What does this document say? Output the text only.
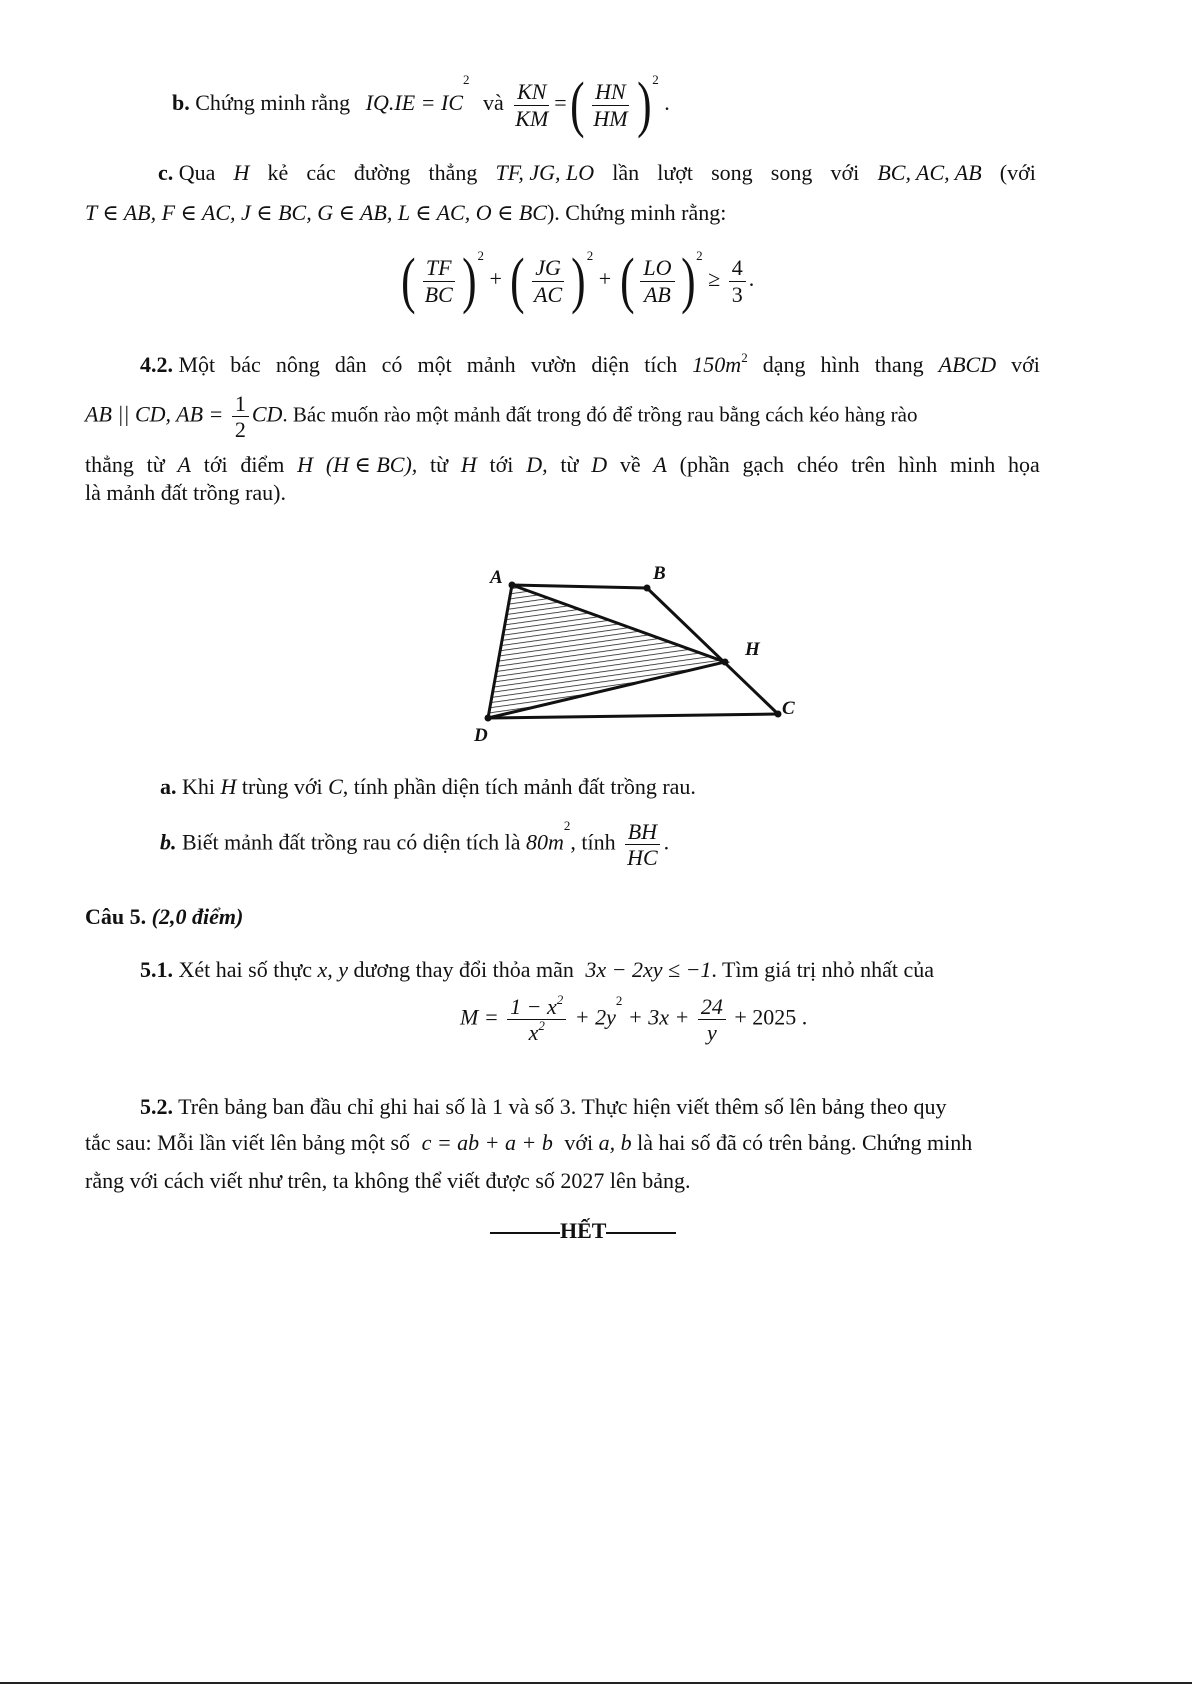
b. Chứng minh rằng $IQ.IE = IC^2$ và $\frac{KN}{KM}$ = ( $\frac{HN}{HM}$ ) 2
.
c. Qua H kẻ các đường thẳng TF, JG, LO lần lượt song song với BC, AC, AB (với
T ∈ AB, F ∈ AC, J ∈ BC, G ∈ AB, L ∈ AC, O ∈ BC). Chứng minh rằng:
( $\frac{TF}{BC}$ ) 2
+ ( $\frac{JG}{AC}$ ) 2
+ ( $\frac{LO}{AB}$ ) 2
≥ $\frac{4}{3}$ .
4.2. Một bác nông dân có một mảnh vườn diện tích $150m^2$ dạng hình thang ABCD với
AB || CD, AB = $\frac{1}{2}$ CD. Bác muốn rào một mảnh đất trong đó để trồng rau bằng cách kéo hàng rào
thẳng từ A tới điểm H (H ∈ BC), từ H tới D, từ D về A (phần gạch chéo trên hình minh họa
là mảnh đất trồng rau).
A	B
H
C
D
a. Khi H trùng với C, tính phần diện tích mảnh đất trồng rau.
b. Biết mảnh đất trồng rau có diện tích là $80m^2$, tính $\frac{BH}{HC}$ .
Câu 5. (2,0 điểm)
5.1. Xét hai số thực x, y dương thay đổi thỏa mãn 3x − 2xy ≤ −1. Tìm giá trị nhỏ nhất của
$M = \frac{1 - x^2}{x^2} + 2y^2 + 3x + \frac{24}{y} + 2025$ .
5.2. Trên bảng ban đầu chỉ ghi hai số là 1 và số 3. Thực hiện viết thêm số lên bảng theo quy
tắc sau: Mỗi lần viết lên bảng một số c = ab + a + b với a, b là hai số đã có trên bảng. Chứng minh
rằng với cách viết như trên, ta không thể viết được số 2027 lên bảng.
HẾT
